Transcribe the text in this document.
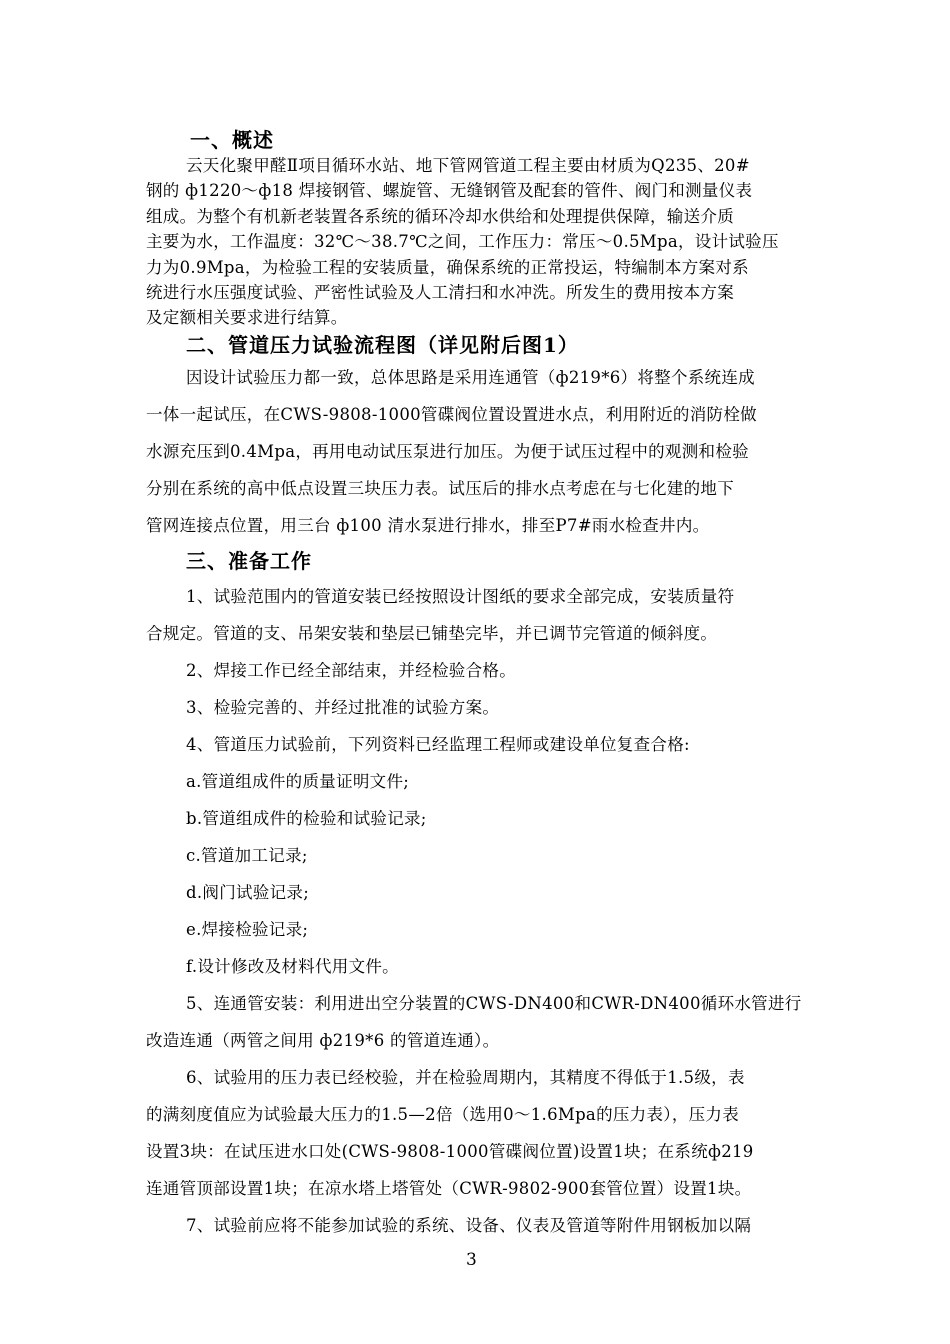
一、概述
云天化聚甲醛Ⅱ项目循环水站、地下管网管道工程主要由材质为Q235、20#
钢的 ф1220～ф18 焊接钢管、螺旋管、无缝钢管及配套的管件、阀门和测量仪表
组成。为整个有机新老装置各系统的循环冷却水供给和处理提供保障，输送介质
主要为水，工作温度：32℃～38.7℃之间，工作压力：常压～0.5Mpa，设计试验压
力为0.9Mpa，为检验工程的安装质量，确保系统的正常投运，特编制本方案对系
统进行水压强度试验、严密性试验及人工清扫和水冲洗。所发生的费用按本方案
及定额相关要求进行结算。
二、管道压力试验流程图（详见附后图1）
因设计试验压力都一致，总体思路是采用连通管（ф219*6）将整个系统连成
一体一起试压，在CWS-9808-1000管碟阀位置设置进水点，利用附近的消防栓做
水源充压到0.4Mpa，再用电动试压泵进行加压。为便于试压过程中的观测和检验
分别在系统的高中低点设置三块压力表。试压后的排水点考虑在与七化建的地下
管网连接点位置，用三台 ф100 清水泵进行排水，排至P7#雨水检查井内。
三、准备工作
1、试验范围内的管道安装已经按照设计图纸的要求全部完成，安装质量符
合规定。管道的支、吊架安装和垫层已铺垫完毕，并已调节完管道的倾斜度。
2、焊接工作已经全部结束，并经检验合格。
3、检验完善的、并经过批准的试验方案。
4、管道压力试验前，下列资料已经监理工程师或建设单位复查合格:
a.管道组成件的质量证明文件;
b.管道组成件的检验和试验记录;
c.管道加工记录;
d.阀门试验记录;
e.焊接检验记录;
f.设计修改及材料代用文件。
5、连通管安装：利用进出空分装置的CWS-DN400和CWR-DN400循环水管进行
改造连通（两管之间用 ф219*6 的管道连通）。
6、试验用的压力表已经校验，并在检验周期内，其精度不得低于1.5级，表
的满刻度值应为试验最大压力的1.5—2倍（选用0～1.6Mpa的压力表），压力表
设置3块：在试压进水口处(CWS-9808-1000管碟阀位置)设置1块；在系统ф219
连通管顶部设置1块；在凉水塔上塔管处（CWR-9802-900套管位置）设置1块。
7、试验前应将不能参加试验的系统、设备、仪表及管道等附件用钢板加以隔
3
